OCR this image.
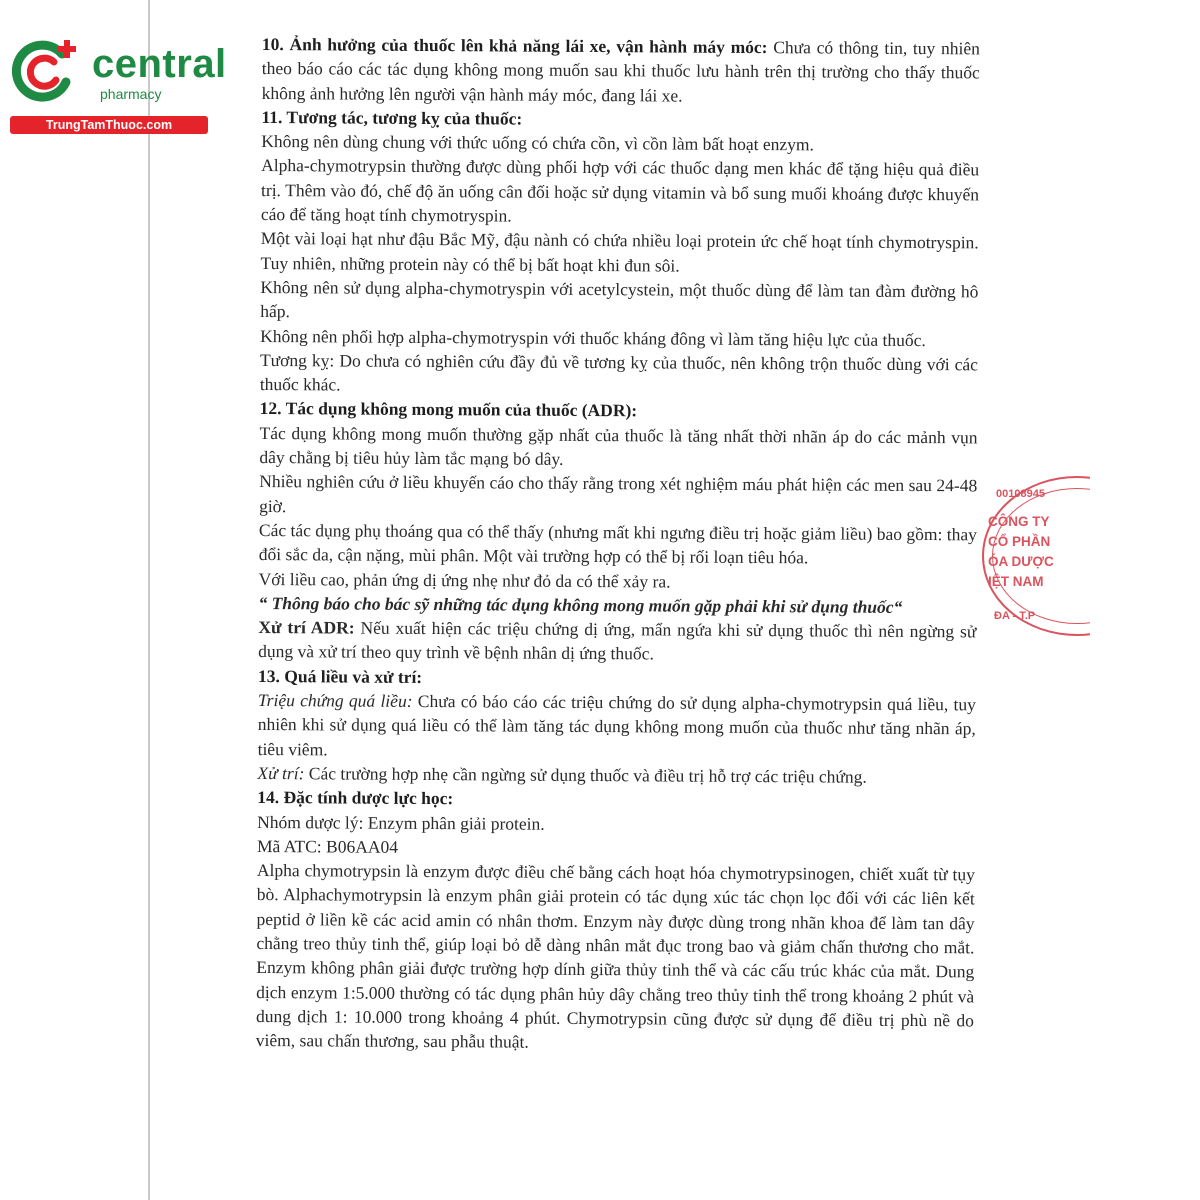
central
pharmacy
TrungTamThuoc.com

10. Ảnh hưởng của thuốc lên khả năng lái xe, vận hành máy móc: Chưa có thông tin, tuy nhiên theo báo cáo các tác dụng không mong muốn sau khi thuốc lưu hành trên thị trường cho thấy thuốc không ảnh hưởng lên người vận hành máy móc, đang lái xe.

11. Tương tác, tương kỵ của thuốc:

Không nên dùng chung với thức uống có chứa cồn, vì cồn làm bất hoạt enzym.

Alpha-chymotrypsin thường được dùng phối hợp với các thuốc dạng men khác để tặng hiệu quả điều trị. Thêm vào đó, chế độ ăn uống cân đối hoặc sử dụng vitamin và bổ sung muối khoáng được khuyến cáo để tăng hoạt tính chymotryspin.

Một vài loại hạt như đậu Bắc Mỹ, đậu nành có chứa nhiều loại protein ức chế hoạt tính chymotryspin. Tuy nhiên, những protein này có thể bị bất hoạt khi đun sôi.

Không nên sử dụng alpha-chymotryspin với acetylcystein, một thuốc dùng để làm tan đàm đường hô hấp.

Không nên phối hợp alpha-chymotryspin với thuốc kháng đông vì làm tăng hiệu lực của thuốc.

Tương kỵ: Do chưa có nghiên cứu đầy đủ về tương kỵ của thuốc, nên không trộn thuốc dùng với các thuốc khác.

12. Tác dụng không mong muốn của thuốc (ADR):

Tác dụng không mong muốn thường gặp nhất của thuốc là tăng nhất thời nhãn áp do các mảnh vụn dây chằng bị tiêu hủy làm tắc mạng bó dây.

Nhiều nghiên cứu ở liều khuyến cáo cho thấy rằng trong xét nghiệm máu phát hiện các men sau 24-48 giờ.

Các tác dụng phụ thoáng qua có thể thấy (nhưng mất khi ngưng điều trị hoặc giảm liều) bao gồm: thay đổi sắc da, cận nặng, mùi phân. Một vài trường hợp có thể bị rối loạn tiêu hóa.

Với liều cao, phản ứng dị ứng nhẹ như đỏ da có thể xảy ra.

“ Thông báo cho bác sỹ những tác dụng không mong muốn gặp phải khi sử dụng thuốc“

Xử trí ADR: Nếu xuất hiện các triệu chứng dị ứng, mẩn ngứa khi sử dụng thuốc thì nên ngừng sử dụng và xử trí theo quy trình về bệnh nhân dị ứng thuốc.

13. Quá liều và xử trí:

Triệu chứng quá liều: Chưa có báo cáo các triệu chứng do sử dụng alpha-chymotrypsin quá liều, tuy nhiên khi sử dụng quá liều có thể làm tăng tác dụng không mong muốn của thuốc như tăng nhãn áp, tiêu viêm.

Xử trí: Các trường hợp nhẹ cần ngừng sử dụng thuốc và điều trị hỗ trợ các triệu chứng.

14. Đặc tính dược lực học:

Nhóm dược lý: Enzym phân giải protein.

Mã ATC: B06AA04

Alpha chymotrypsin là enzym được điều chế bằng cách hoạt hóa chymotrypsinogen, chiết xuất từ tụy bò. Alphachymotrypsin là enzym phân giải protein có tác dụng xúc tác chọn lọc đối với các liên kết peptid ở liền kề các acid amin có nhân thơm. Enzym này được dùng trong nhãn khoa để làm tan dây chằng treo thủy tinh thể, giúp loại bỏ dễ dàng nhân mắt đục trong bao và giảm chấn thương cho mắt. Enzym không phân giải được trường hợp dính giữa thủy tinh thể và các cấu trúc khác của mắt. Dung dịch enzym 1:5.000 thường có tác dụng phân hủy dây chằng treo thủy tinh thể trong khoảng 2 phút và dung dịch 1: 10.000 trong khoảng 4 phút. Chymotrypsin cũng được sử dụng để điều trị phù nề do viêm, sau chấn thương, sau phẫu thuật.

00108945
CÔNG TY
CỔ PHẦN
ÓA DƯỢC
IỆT NAM
ĐA - T.P
